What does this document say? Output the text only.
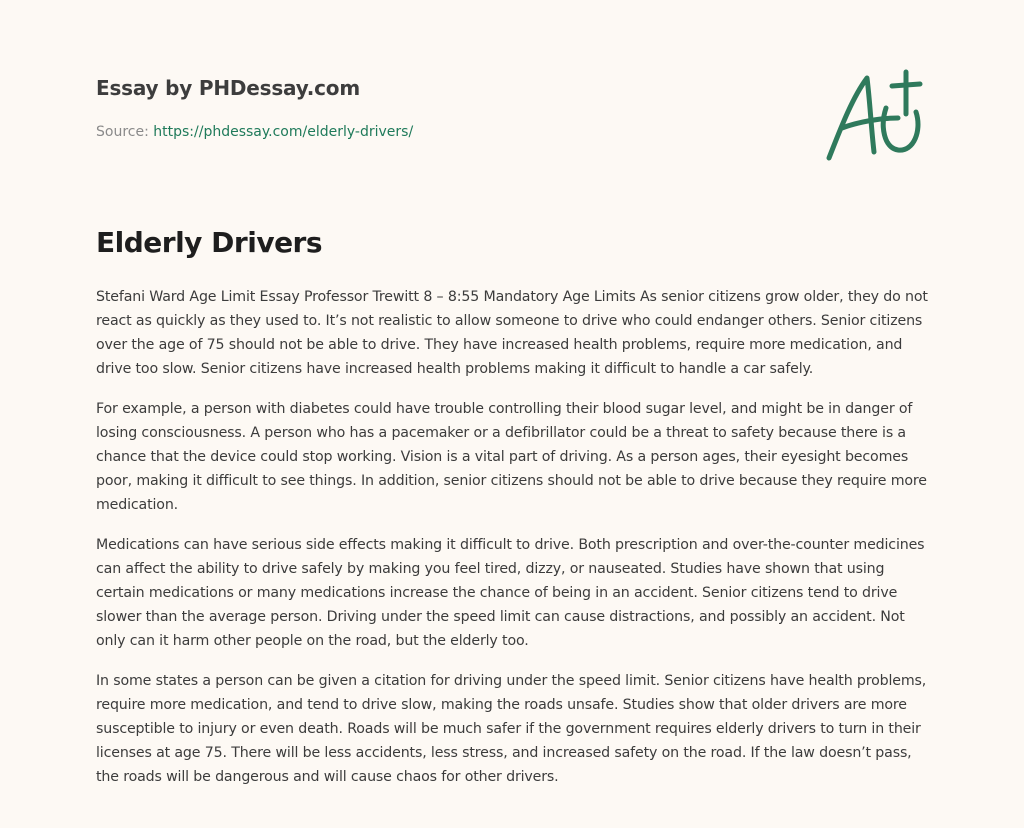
Essay by PHDessay.com
Source: https://phdessay.com/elderly-drivers/
Elderly Drivers

Stefani Ward Age Limit Essay Professor Trewitt 8 – 8:55 Mandatory Age Limits As senior citizens grow older, they do not react as quickly as they used to. It’s not realistic to allow someone to drive who could endanger others. Senior citizens over the age of 75 should not be able to drive. They have increased health problems, require more medication, and drive too slow. Senior citizens have increased health problems making it difficult to handle a car safely.

For example, a person with diabetes could have trouble controlling their blood sugar level, and might be in danger of losing consciousness. A person who has a pacemaker or a defibrillator could be a threat to safety because there is a chance that the device could stop working. Vision is a vital part of driving. As a person ages, their eyesight becomes poor, making it difficult to see things. In addition, senior citizens should not be able to drive because they require more medication.

Medications can have serious side effects making it difficult to drive. Both prescription and over-the-counter medicines can affect the ability to drive safely by making you feel tired, dizzy, or nauseated. Studies have shown that using certain medications or many medications increase the chance of being in an accident. Senior citizens tend to drive slower than the average person. Driving under the speed limit can cause distractions, and possibly an accident. Not only can it harm other people on the road, but the elderly too.

In some states a person can be given a citation for driving under the speed limit. Senior citizens have health problems, require more medication, and tend to drive slow, making the roads unsafe. Studies show that older drivers are more susceptible to injury or even death. Roads will be much safer if the government requires elderly drivers to turn in their licenses at age 75. There will be less accidents, less stress, and increased safety on the road. If the law doesn’t pass, the roads will be dangerous and will cause chaos for other drivers.
